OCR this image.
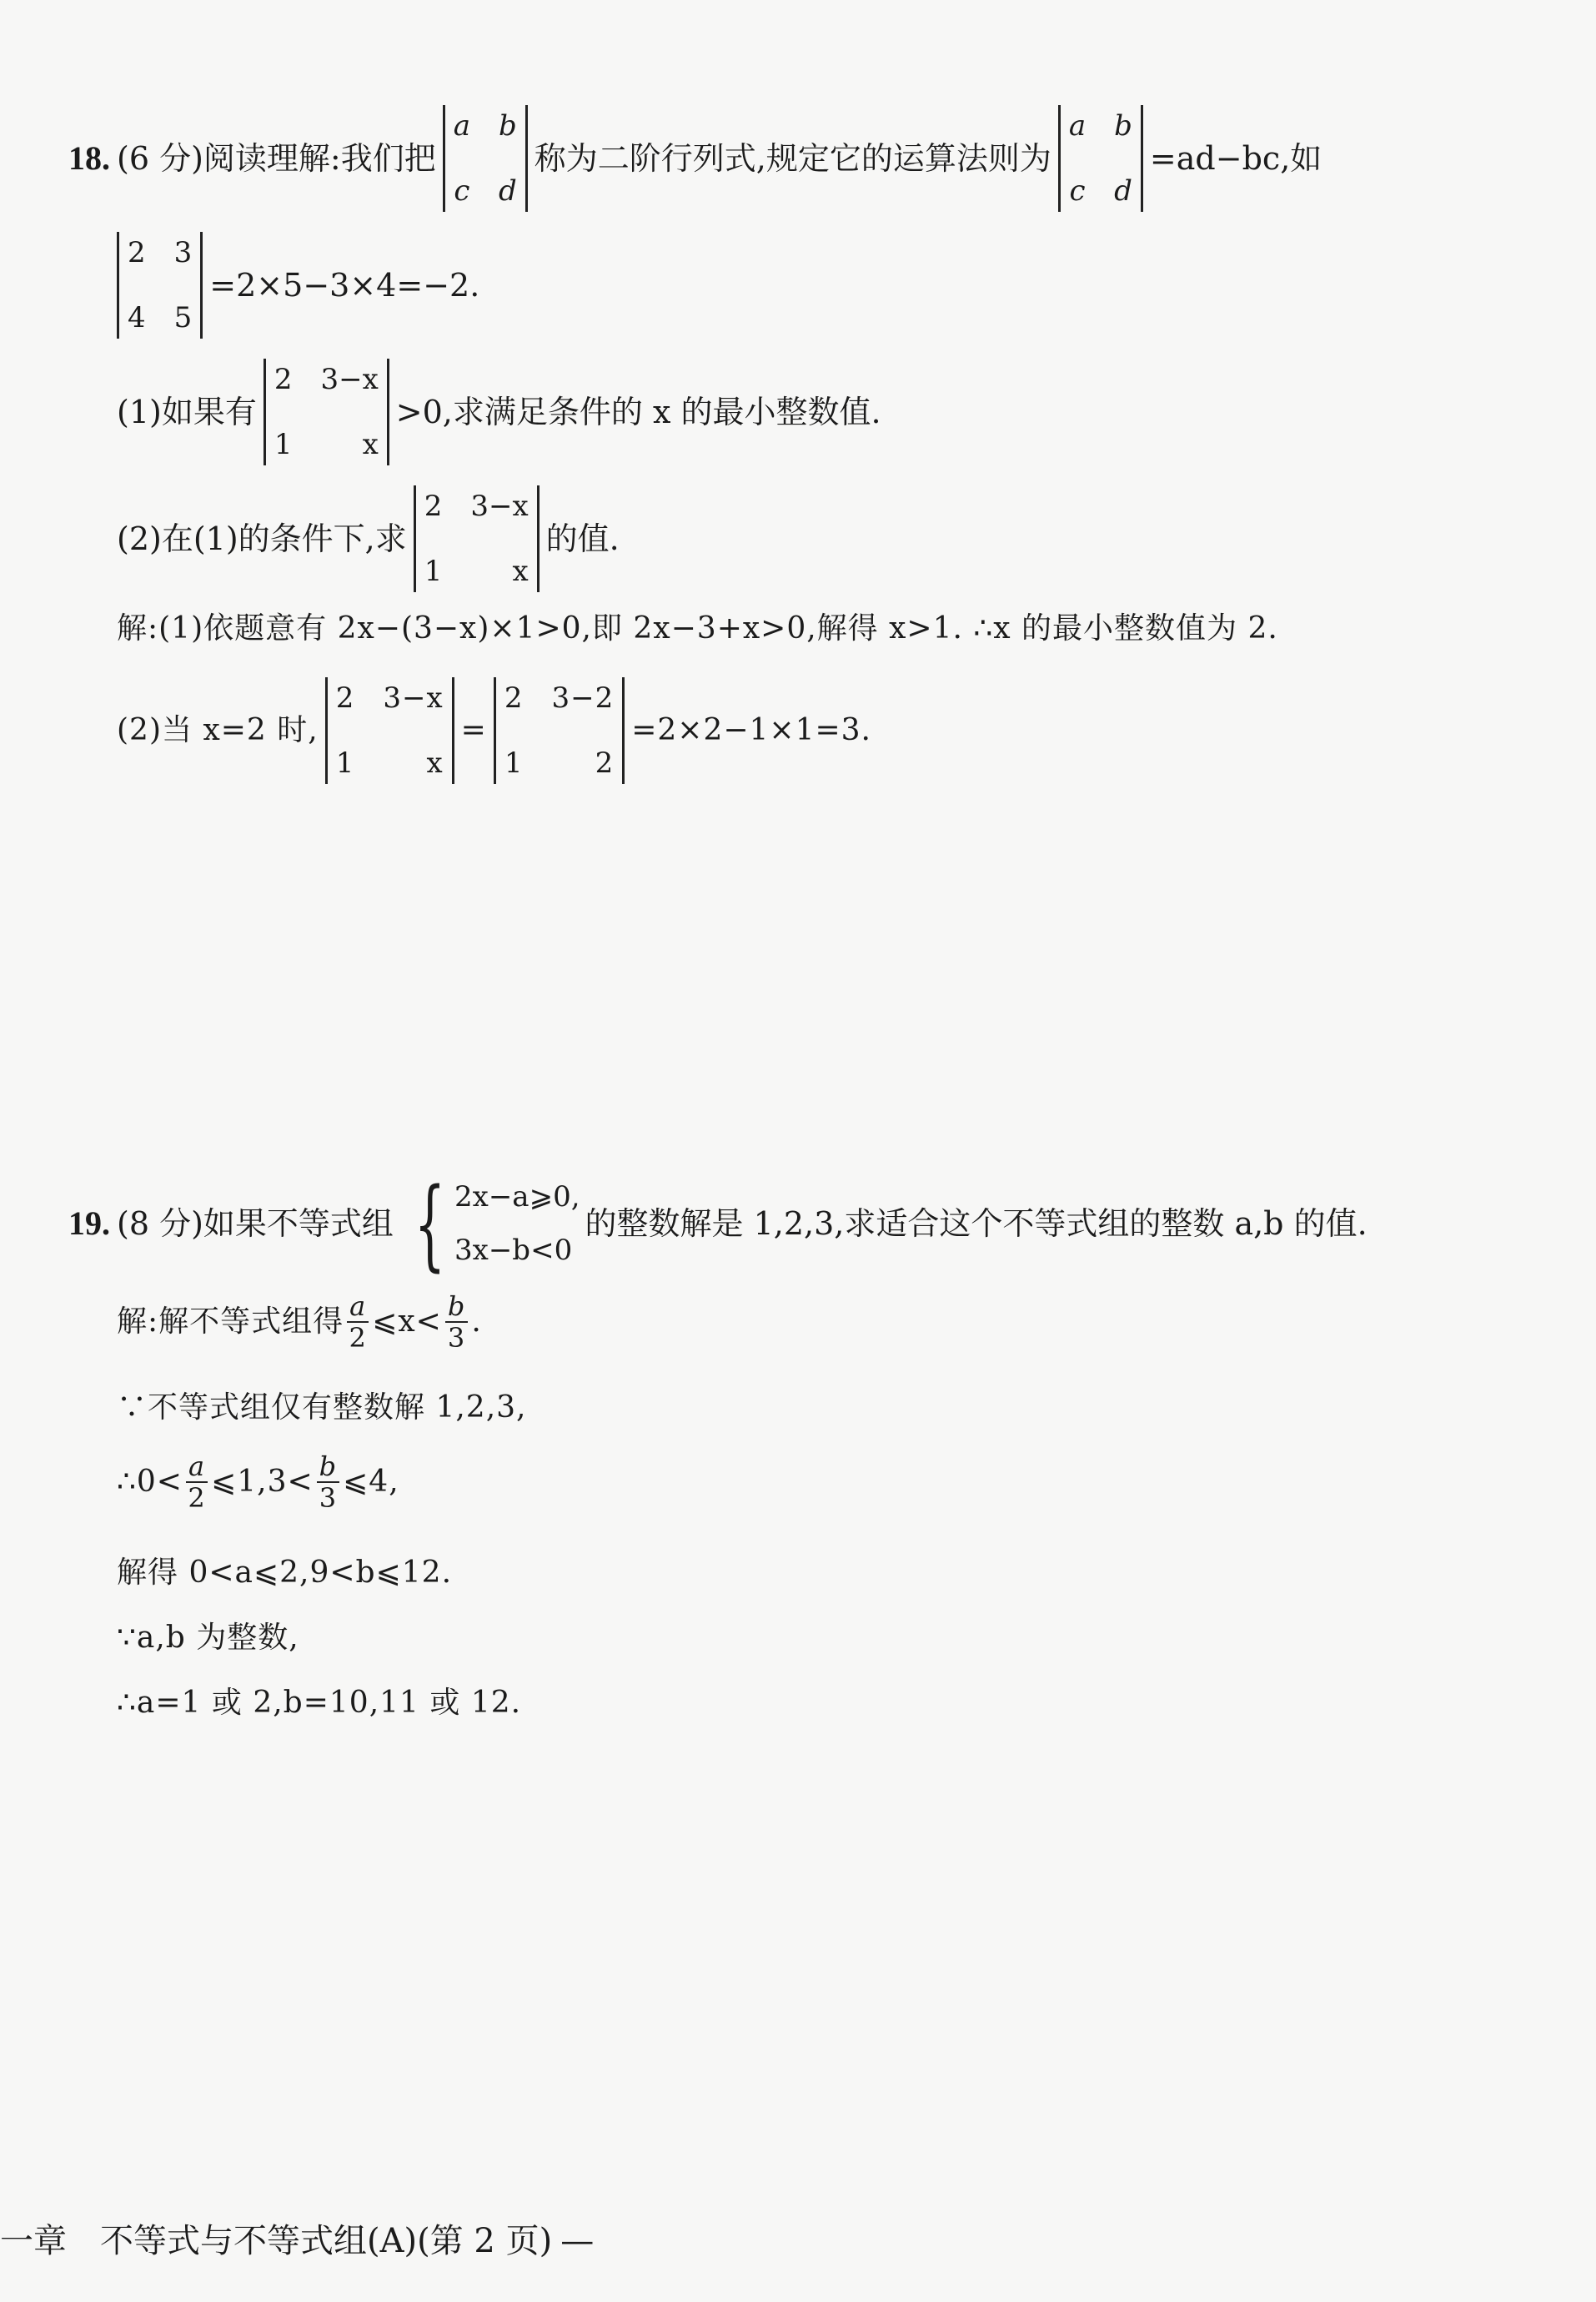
18. (6 分) 阅读理解:我们把
a b
c d
称为二阶行列式,规定它的运算法则为
a b
c d
=ad−bc,如
2 3
4 5
=2×5−3×4=−2.
(1)如果有
2 3−x
1	x
>0,求满足条件的 x 的最小整数值.
(2)在(1)的条件下,求
2 3−x
1	x
的值.
解:(1)依题意有 2x−(3−x)×1>0,即 2x−3+x>0,解得 x>1. ∴x 的最小整数值为 2.
(2)当 x=2 时,
2 3−x
1	x
=
2 3−2
1	2
=2×2−1×1=3.
19. (8 分) 如果不等式组 { 2x−a⩾0,
3x−b<0
的整数解是 1,2,3,求适合这个不等式组的整数 a,b 的值.
解:解不等式组得 $\frac{a}{2}$ ⩽x< $\frac{b}{3}$ .
∵不等式组仅有整数解 1,2,3,
∴0< $\frac{a}{2}$ ⩽1,3< $\frac{b}{3}$ ⩽4,
解得 0<a⩽2,9<b⩽12.
∵a,b 为整数,
∴a=1 或 2,b=10,11 或 12.
一章 不等式与不等式组(A)(第 2 页) —
